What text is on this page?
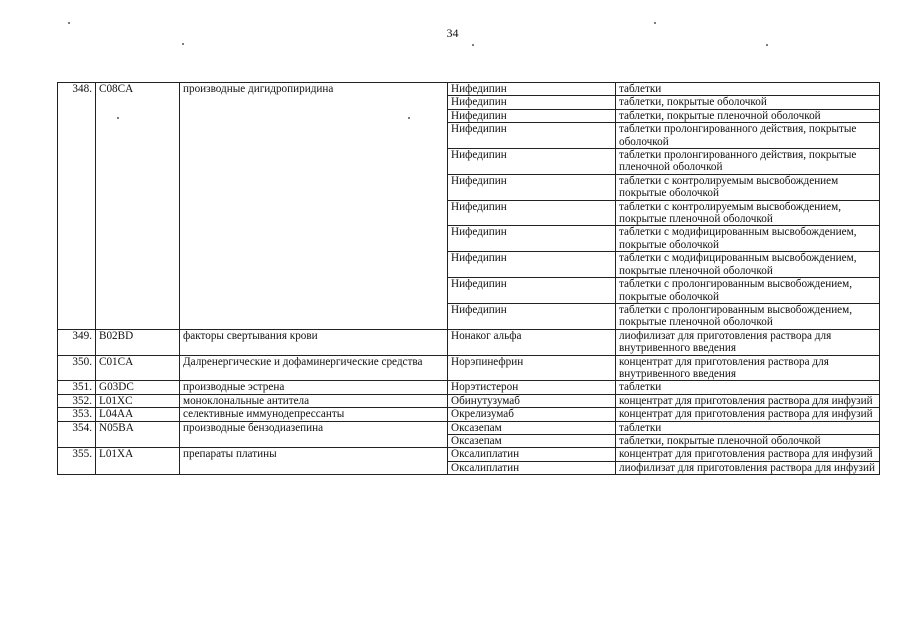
34
348.	C08CA	производные дигидропиридина	Нифедипин	таблетки
			Нифедипин	таблетки, покрытые оболочкой
			Нифедипин	таблетки, покрытые пленочной оболочкой
			Нифедипин	таблетки пролонгированного действия, покрытые оболочкой
			Нифедипин	таблетки пролонгированного действия, покрытые пленочной оболочкой
			Нифедипин	таблетки с контролируемым высвобождением покрытые оболочкой
			Нифедипин	таблетки с контролируемым высвобождением, покрытые пленочной оболочкой
			Нифедипин	таблетки с модифицированным высвобождением, покрытые оболочкой
			Нифедипин	таблетки с модифицированным высвобождением, покрытые пленочной оболочкой
			Нифедипин	таблетки с пролонгированным высвобождением, покрытые оболочкой
			Нифедипин	таблетки с пролонгированным высвобождением, покрытые пленочной оболочкой
349.	B02BD	факторы свертывания крови	Нонаког альфа	лиофилизат для приготовления раствора для внутривенного введения
350.	C01CA	Далренергические и дофаминергические средства	Норэпинефрин	концентрат для приготовления раствора для внутривенного введения
351.	G03DC	производные эстрена	Норэтистерон	таблетки
352.	L01XC	моноклональные антитела	Обинутузумаб	концентрат для приготовления раствора для инфузий
353.	L04AA	селективные иммунодепрессанты	Окрелизумаб	концентрат для приготовления раствора для инфузий
354.	N05BA	производные бензодиазепина	Оксазепам	таблетки
			Оксазепам	таблетки, покрытые пленочной оболочкой
355.	L01XA	препараты платины	Оксалиплатин	концентрат для приготовления раствора для инфузий
			Оксалиплатин	лиофилизат для приготовления раствора для инфузий
